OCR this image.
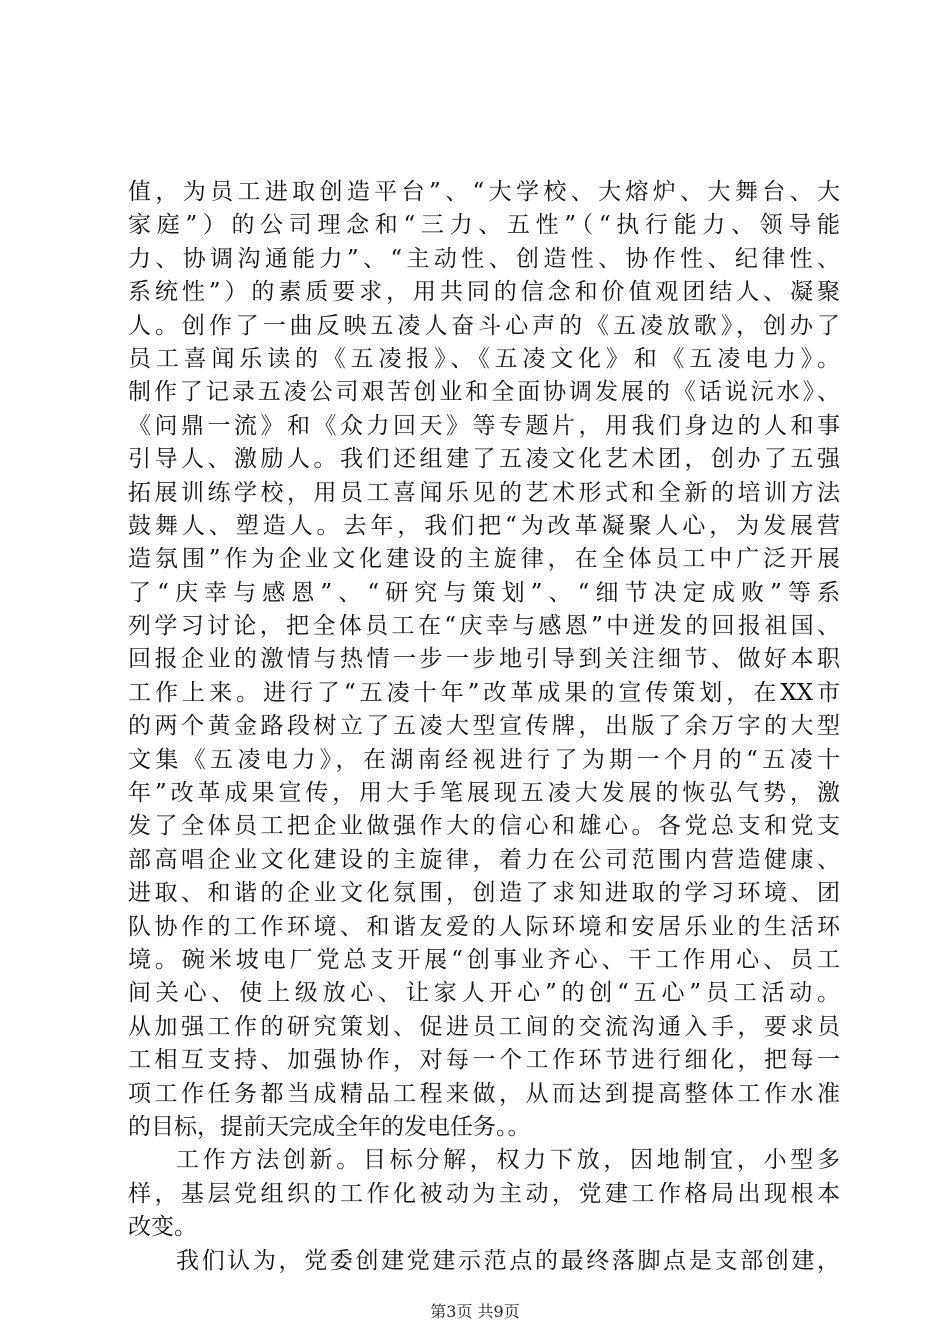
值，为员工进取创造平台”、“大学校、大熔炉、大舞台、大
家庭”）的公司理念和“三力、五性”（“执行能力、领导能
力、协调沟通能力”、“主动性、创造性、协作性、纪律性、
系统性”）的素质要求，用共同的信念和价值观团结人、凝聚
人。创作了一曲反映五凌人奋斗心声的《五凌放歌》，创办了
员工喜闻乐读的《五凌报》、《五凌文化》和《五凌电力》。
制作了记录五凌公司艰苦创业和全面协调发展的《话说沅水》、
《问鼎一流》和《众力回天》等专题片，用我们身边的人和事
引导人、激励人。我们还组建了五凌文化艺术团，创办了五强
拓展训练学校，用员工喜闻乐见的艺术形式和全新的培训方法
鼓舞人、塑造人。去年，我们把“为改革凝聚人心，为发展营
造氛围”作为企业文化建设的主旋律，在全体员工中广泛开展
了“庆幸与感恩”、“研究与策划”、“细节决定成败”等系
列学习讨论，把全体员工在“庆幸与感恩”中迸发的回报祖国、
回报企业的激情与热情一步一步地引导到关注细节、做好本职
工作上来。进行了“五凌十年”改革成果的宣传策划，在XX市
的两个黄金路段树立了五凌大型宣传牌，出版了余万字的大型
文集《五凌电力》，在湖南经视进行了为期一个月的“五凌十
年”改革成果宣传，用大手笔展现五凌大发展的恢弘气势，激
发了全体员工把企业做强作大的信心和雄心。各党总支和党支
部高唱企业文化建设的主旋律，着力在公司范围内营造健康、
进取、和谐的企业文化氛围，创造了求知进取的学习环境、团
队协作的工作环境、和谐友爱的人际环境和安居乐业的生活环
境。碗米坡电厂党总支开展“创事业齐心、干工作用心、员工
间关心、使上级放心、让家人开心”的创“五心”员工活动。
从加强工作的研究策划、促进员工间的交流沟通入手，要求员
工相互支持、加强协作，对每一个工作环节进行细化，把每一
项工作任务都当成精品工程来做，从而达到提高整体工作水准
的目标，提前天完成全年的发电任务。。
工作方法创新。目标分解，权力下放，因地制宜，小型多
样，基层党组织的工作化被动为主动，党建工作格局出现根本
改变。
我们认为，党委创建党建示范点的最终落脚点是支部创建，
第3页 共9页
